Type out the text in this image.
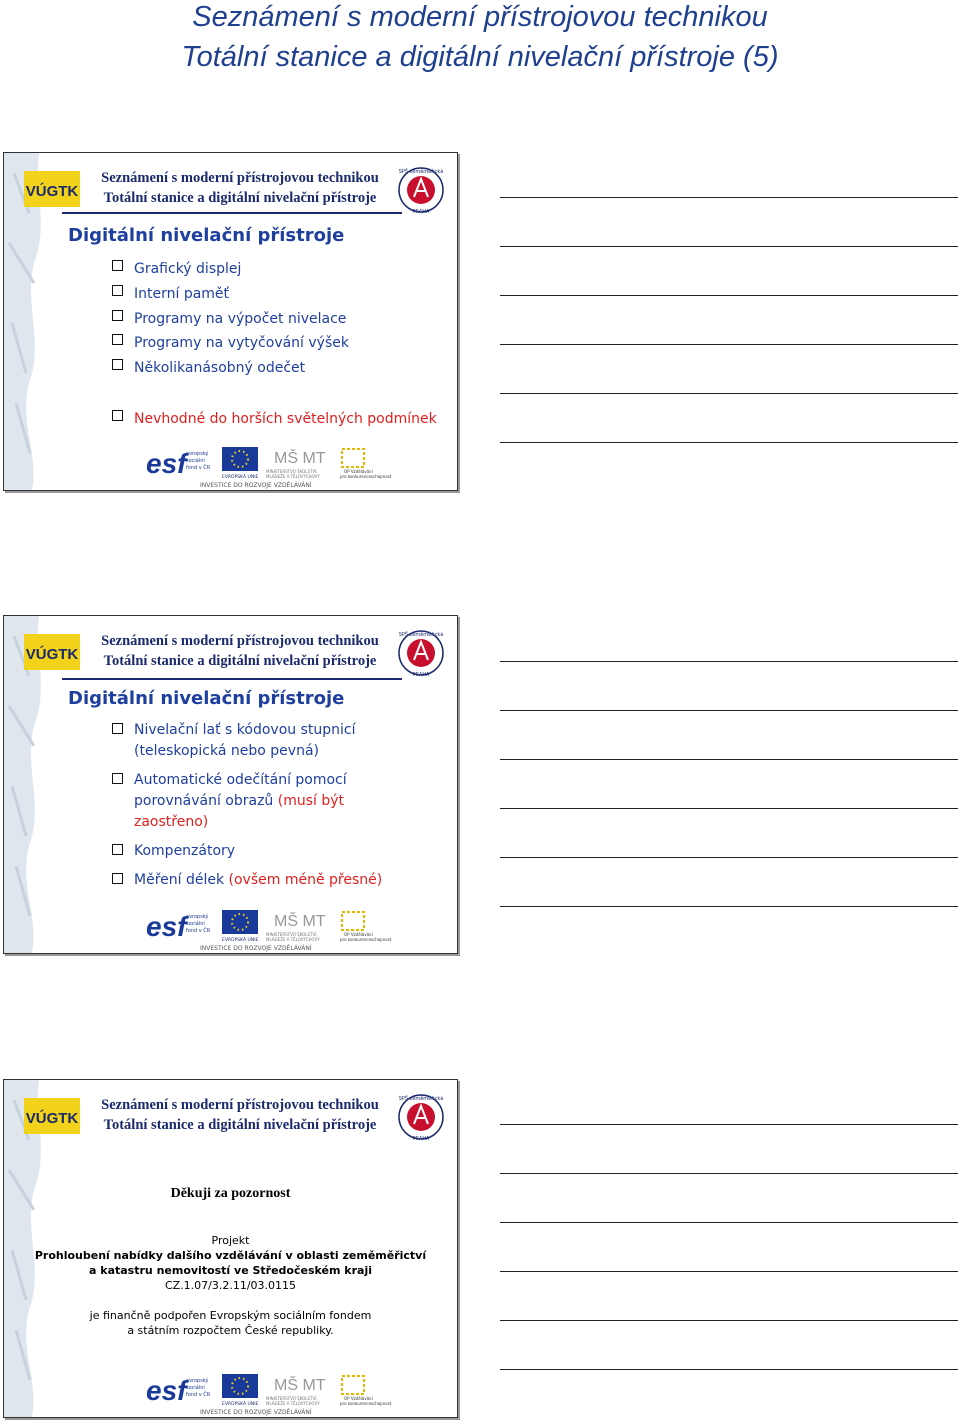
Seznámení s moderní přístrojovou technikou
Totální stanice a digitální nivelační přístroje (5)
VÚGTK
Seznámení s moderní přístrojovou technikou
Totální stanice a digitální nivelační přístroje
SPŠ zeměměřická
PRAHA
Digitální nivelační přístroje
Grafický displej
Interní paměť
Programy na výpočet nivelace
Programy na vytyčování výšek
Několikanásobný odečet
Nevhodné do horších světelných podmínek
esf evropský
sociální
fond v ČR
EVROPSKÁ UNIE
MŠ MT
MINISTERSTVO ŠKOLSTVÍ,
MLÁDEŽE A TĚLOVÝCHOVY
OP Vzdělávání
pro konkurenceschopnost
INVESTICE DO ROZVOJE VZDĚLÁVÁNÍ
VÚGTK
Seznámení s moderní přístrojovou technikou
Totální stanice a digitální nivelační přístroje
SPŠ zeměměřická
PRAHA
Digitální nivelační přístroje
Nivelační lať s kódovou stupnicí
(teleskopická nebo pevná)
Automatické odečítání pomocí
porovnávání obrazů (musí být
zaostřeno)
Kompenzátory
Měření délek (ovšem méně přesné)
esf evropský
sociální
fond v ČR
EVROPSKÁ UNIE
MŠ MT
MINISTERSTVO ŠKOLSTVÍ,
MLÁDEŽE A TĚLOVÝCHOVY
OP Vzdělávání
pro konkurenceschopnost
INVESTICE DO ROZVOJE VZDĚLÁVÁNÍ
VÚGTK
Seznámení s moderní přístrojovou technikou
Totální stanice a digitální nivelační přístroje
SPŠ zeměměřická
PRAHA
Děkuji za pozornost
Projekt
Prohloubení nabídky dalšího vzdělávání v oblasti zeměměřictví
a katastru nemovitostí ve Středočeském kraji
CZ.1.07/3.2.11/03.0115
je finančně podpořen Evropským sociálním fondem
a státním rozpočtem České republiky.
esf evropský
sociální
fond v ČR
EVROPSKÁ UNIE
MŠ MT
MINISTERSTVO ŠKOLSTVÍ,
MLÁDEŽE A TĚLOVÝCHOVY
OP Vzdělávání
pro konkurenceschopnost
INVESTICE DO ROZVOJE VZDĚLÁVÁNÍ
